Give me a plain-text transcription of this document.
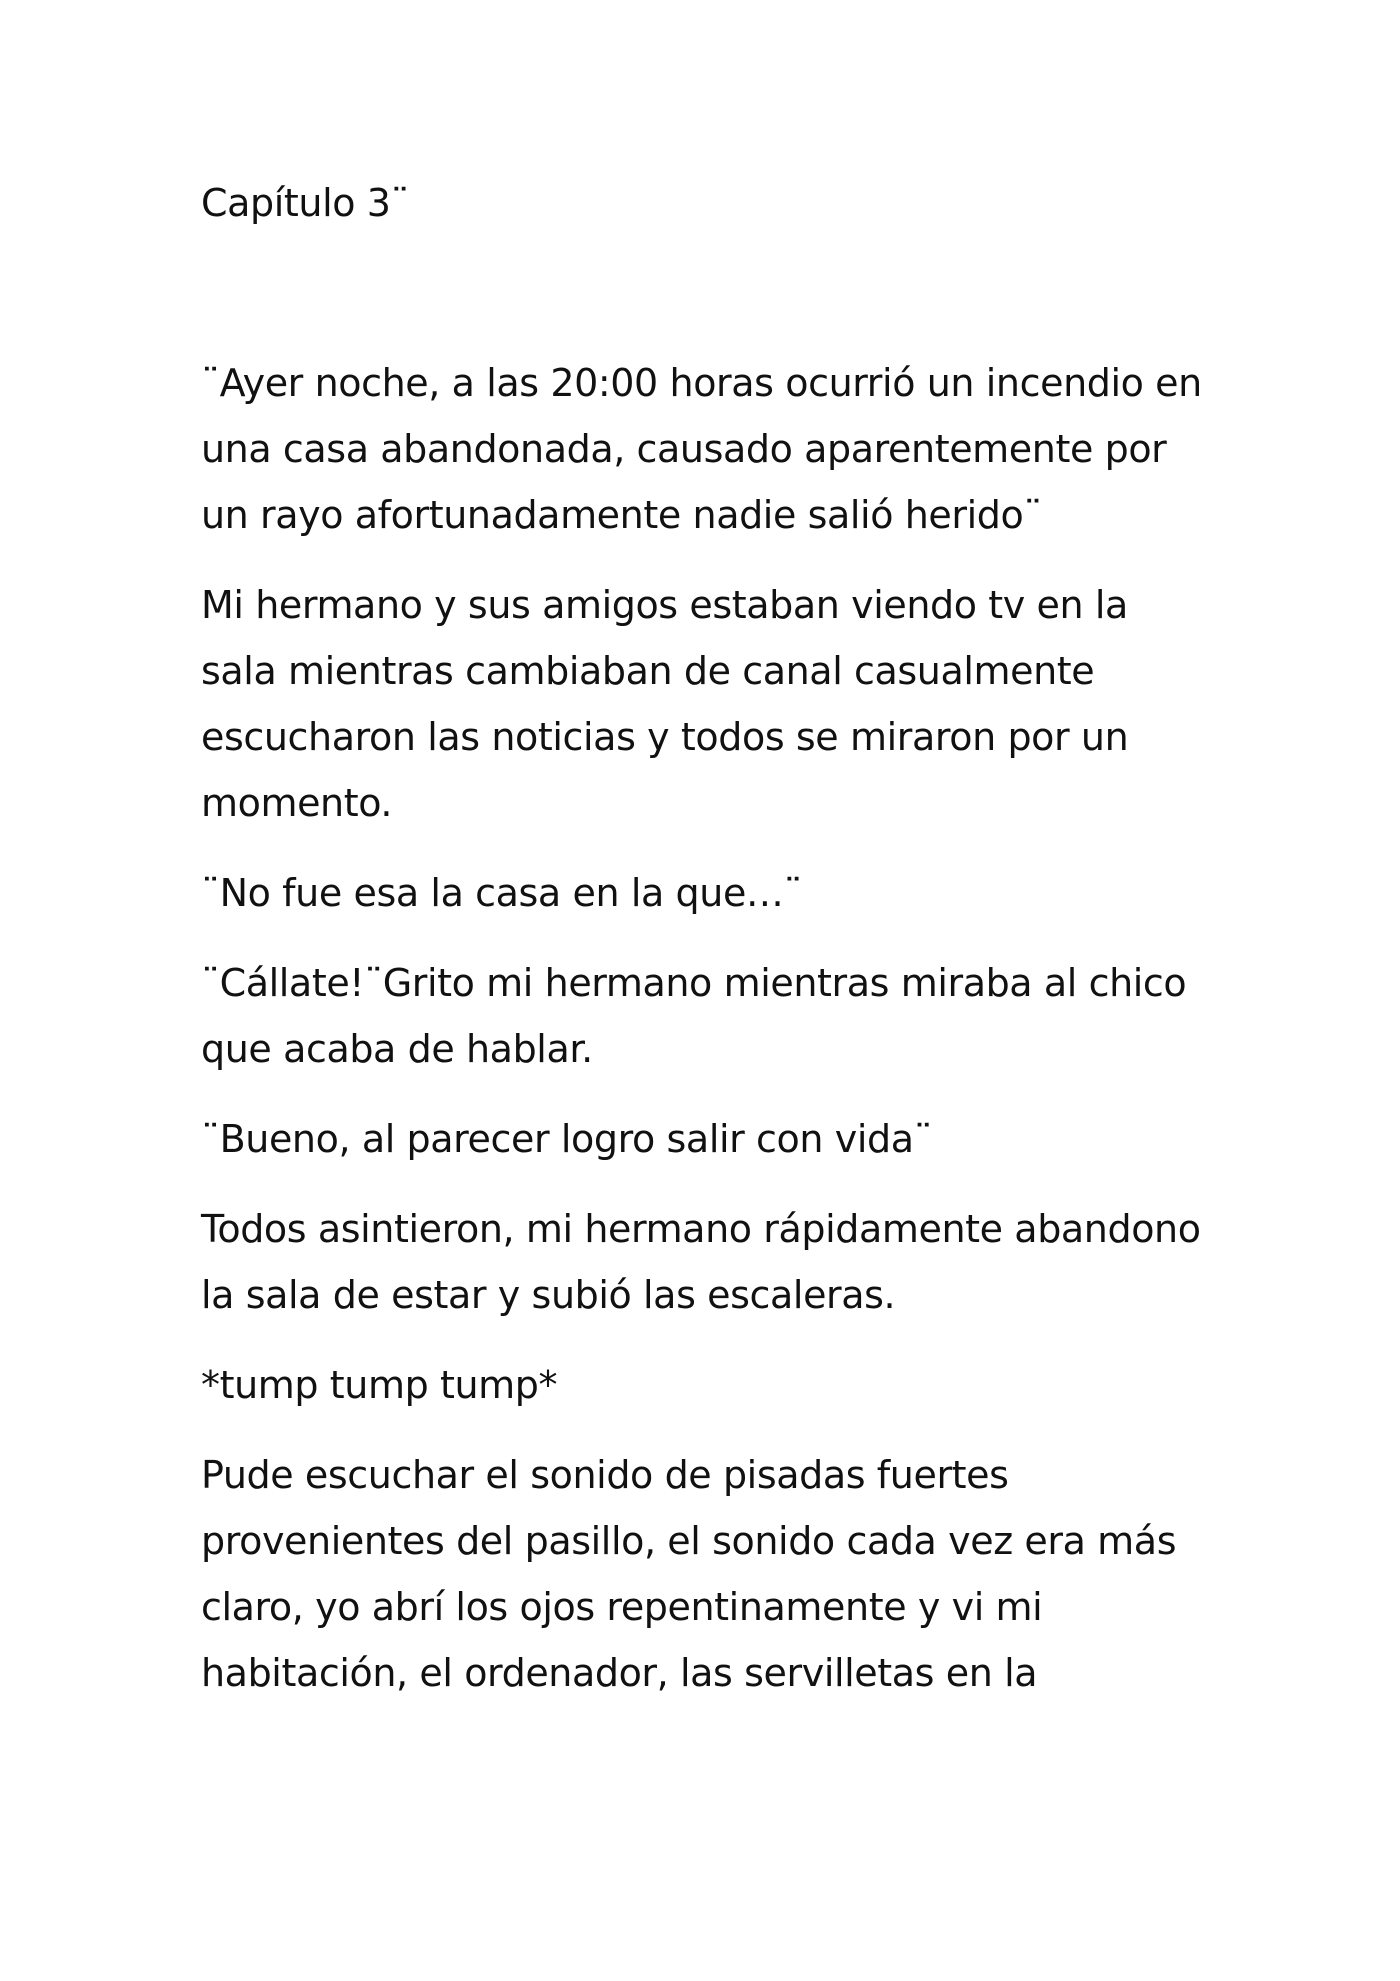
Capítulo 3¨

¨Ayer noche, a las 20:00 horas ocurrió un incendio en una casa abandonada, causado aparentemente por un rayo afortunadamente nadie salió herido¨

Mi hermano y sus amigos estaban viendo tv en la sala mientras cambiaban de canal casualmente escucharon las noticias y todos se miraron por un momento.

¨No fue esa la casa en la que…¨

¨Cállate!¨Grito mi hermano mientras miraba al chico que acaba de hablar.

¨Bueno, al parecer logro salir con vida¨

Todos asintieron, mi hermano rápidamente abandono la sala de estar y subió las escaleras.

*tump tump tump*

Pude escuchar el sonido de pisadas fuertes provenientes del pasillo, el sonido cada vez era más claro, yo abrí los ojos repentinamente y vi mi habitación, el ordenador, las servilletas en la
